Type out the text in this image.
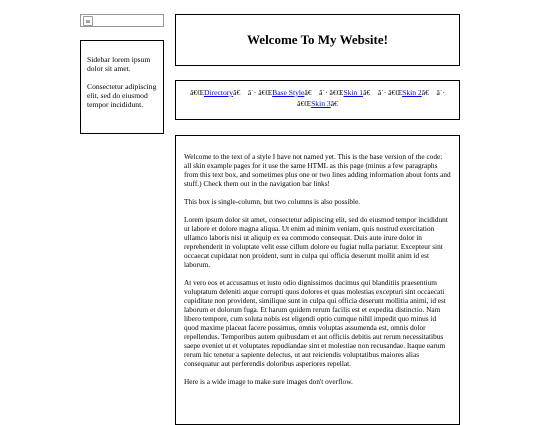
Sidebar lorem ipsum dolor sit amet.

Consectetur adipiscing elit, sed do eiusmod tempor incididunt.

Welcome To My Website!
â€ŒDirectoryâ€    â˙· â€ŒBase Styleâ€    â˙· â€ŒSkin 1â€    â˙· â€ŒSkin 2â€    â˙· â€ŒSkin 3â€

Welcome to the text of a style I have not named yet. This is the base version of the code: all skin example pages for it use the same HTML as this page (minus a few paragraphs from this text box, and sometimes plus one or two lines adding information about fonts and stuff.) Check them out in the navigation bar links!

This box is single-column, but two columns is also possible.

Lorem ipsum dolor sit amet, consectetur adipiscing elit, sed do eiusmod tempor incididunt ut labore et dolore magna aliqua. Ut enim ad minim veniam, quis nostrud exercitation ullamco laboris nisi ut aliquip ex ea commodo consequat. Duis aute irure dolor in reprehenderit in voluptate velit esse cillum dolore eu fugiat nulla pariatur. Excepteur sint occaecat cupidatat non proident, sunt in culpa qui officia deserunt mollit anim id est laborum.

At vero eos et accusamus et iusto odio dignissimos ducimus qui blanditiis praesentium voluptatum deleniti atque corrupti quos dolores et quas molestias excepturi sint occaecati cupiditate non provident, similique sunt in culpa qui officia deserunt mollitia animi, id est laborum et dolorum fuga. Et harum quidem rerum facilis est et expedita distinctio. Nam libero tempore, cum soluta nobis est eligendi optio cumque nihil impedit quo minus id quod maxime placeat facere possimus, omnis voluptas assumenda est, omnis dolor repellendus. Temporibus autem quibusdam et aut officiis debitis aut rerum necessitatibus saepe eveniet ut et voluptates repudiandae sint et molestiae non recusandae. Itaque earum rerum hic tenetur a sapiente delectus, ut aut reiciendis voluptatibus maiores alias consequatur aut perferendis doloribus asperiores repellat.

Here is a wide image to make sure images don't overflow.
